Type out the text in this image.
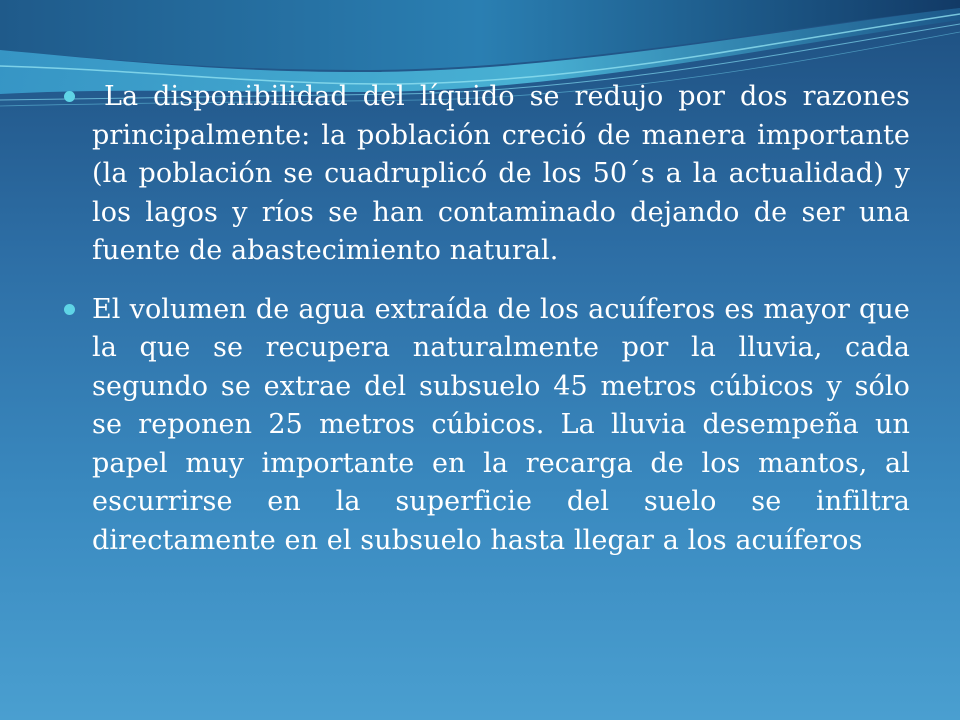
La disponibilidad del líquido se redujo por dos razones principalmente: la población creció de manera importante (la población se cuadruplicó de los 50´s a la actualidad) y los lagos y ríos se han contaminado dejando de ser una fuente de abastecimiento natural.
El volumen de agua extraída de los acuíferos es mayor que la que se recupera naturalmente por la lluvia, cada segundo se extrae del subsuelo 45 metros cúbicos y sólo se reponen 25 metros cúbicos. La lluvia desempeña un papel muy importante en la recarga de los mantos, al escurrirse en la superficie del suelo se infiltra directamente en el subsuelo hasta llegar a los acuíferos
